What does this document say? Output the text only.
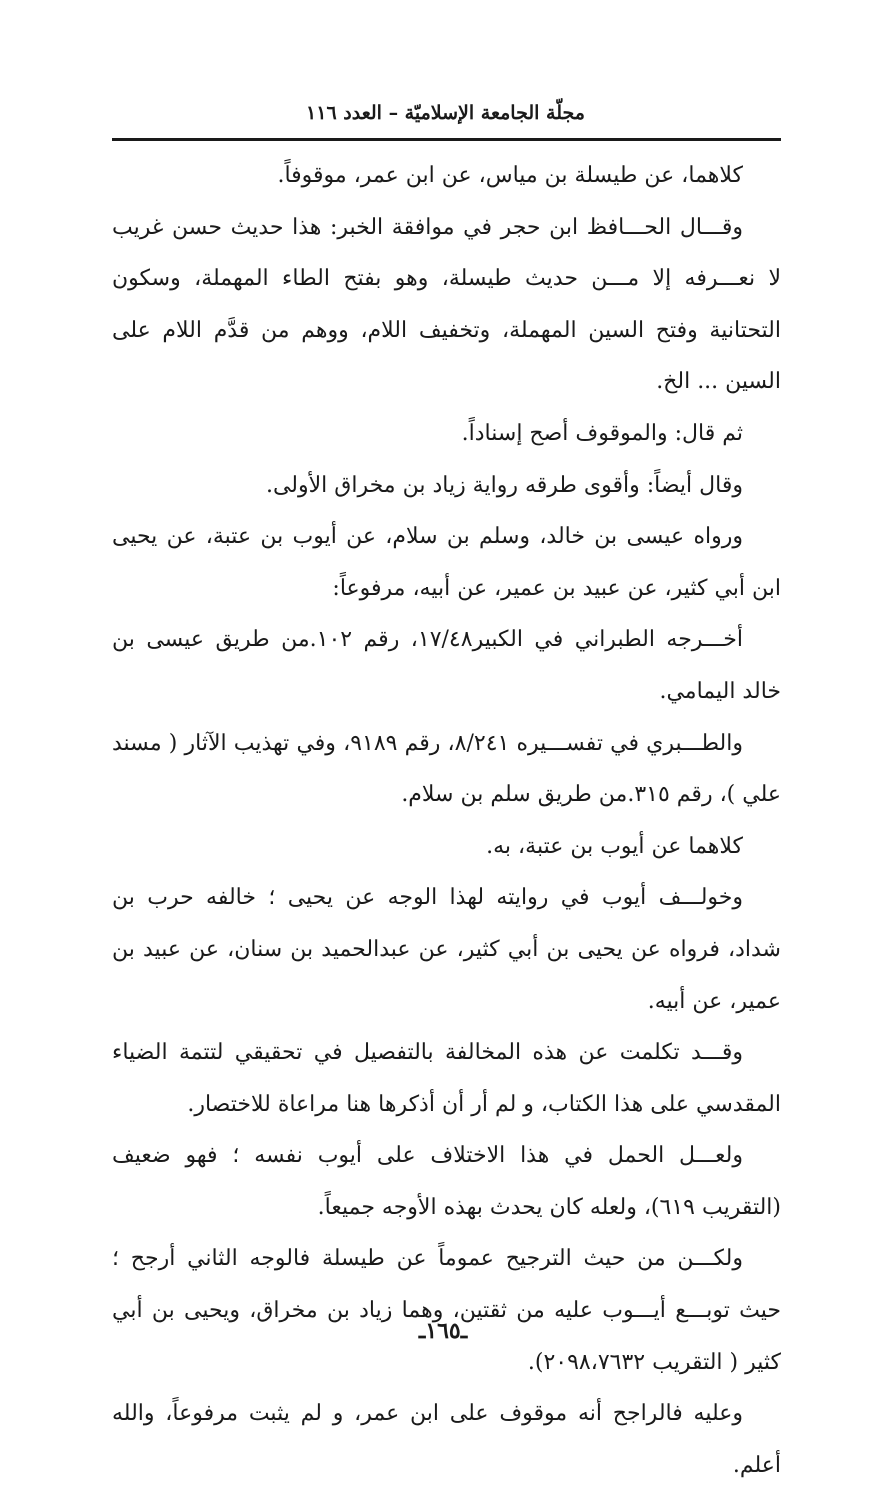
مجلّة الجامعة الإسلاميّة – العدد ١١٦

كلاهما، عن طيسلة بن مياس، عن ابن عمر، موقوفاً.

وقـــال الحـــافظ ابن حجر في موافقة الخبر: هذا حديث حسن غريب لا نعـــرفه إلا مـــن حديث طيسلة، وهو بفتح الطاء المهملة، وسكون التحتانية وفتح السين المهملة، وتخفيف اللام، ووهم من قدَّم اللام على السين ... الخ.

ثم قال: والموقوف أصح إسناداً.

وقال أيضاً: وأقوى طرقه رواية زياد بن مخراق الأولى.

ورواه عيسى بن خالد، وسلم بن سلام، عن أيوب بن عتبة، عن يحيى ابن أبي كثير، عن عبيد بن عمير، عن أبيه، مرفوعاً:

أخـــرجه الطبراني في الكبير١٧/٤٨، رقم ١٠٢.من طريق عيسى بن خالد اليمامي.

والطـــبري في تفســـيره ٨/٢٤١، رقم ٩١٨٩، وفي تهذيب الآثار ( مسند علي )، رقم ٣١٥.من طريق سلم بن سلام.

كلاهما عن أيوب بن عتبة، به.

وخولـــف أيوب في روايته لهذا الوجه عن يحيى ؛ خالفه حرب بن شداد، فرواه عن يحيى بن أبي كثير، عن عبدالحميد بن سنان، عن عبيد بن عمير، عن أبيه.

وقـــد تكلمت عن هذه المخالفة بالتفصيل في تحقيقي لتتمة الضياء المقدسي على هذا الكتاب، و لم أر أن أذكرها هنا مراعاة للاختصار.

ولعـــل الحمل في هذا الاختلاف على أيوب نفسه ؛ فهو ضعيف (التقريب ٦١٩)، ولعله كان يحدث بهذه الأوجه جميعاً.

ولكـــن من حيث الترجيح عموماً عن طيسلة فالوجه الثاني أرجح ؛ حيث توبـــع أيـــوب عليه من ثقتين، وهما زياد بن مخراق، ويحيى بن أبي كثير ( التقريب ٢٠٩٨،٧٦٣٢).

وعليه فالراجح أنه موقوف على ابن عمر، و لم يثبت مرفوعاً، والله أعلم.

ـ١٦٥ـ
